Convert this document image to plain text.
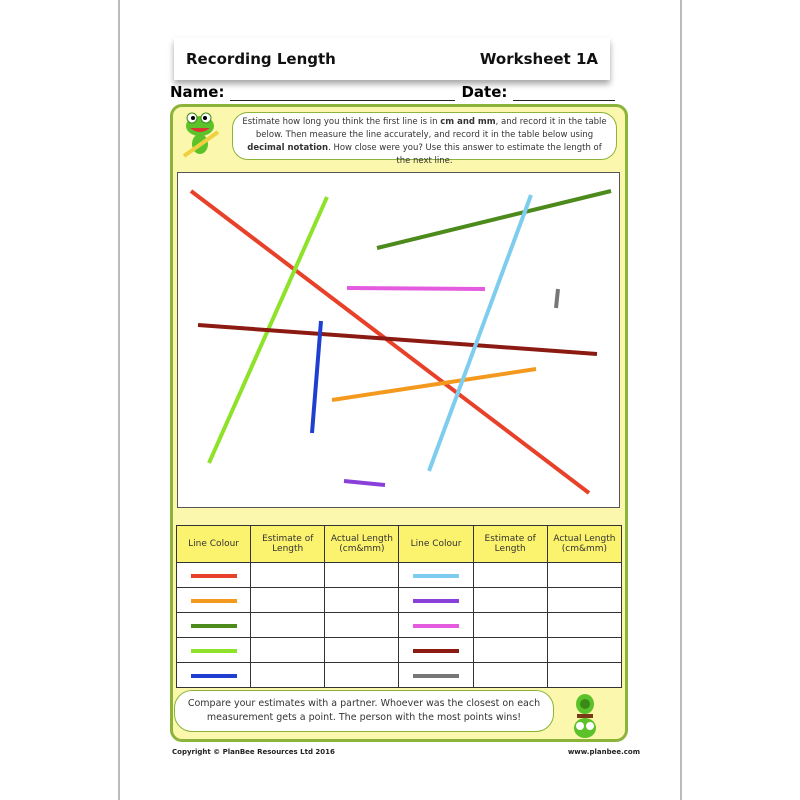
Recording Length	Worksheet 1A
Name:	Date:
Estimate how long you think the first line is in cm and mm, and record it in the table below. Then measure the line accurately, and record it in the table below using decimal notation. How close were you? Use this answer to estimate the length of the next line.
Line Colour	Estimate of Length	Actual Length (cm&mm)	Line Colour	Estimate of Length	Actual Length (cm&mm)

Compare your estimates with a partner. Whoever was the closest on each measurement gets a point. The person with the most points wins!
Copyright © PlanBee Resources Ltd 2016	www.planbee.com
